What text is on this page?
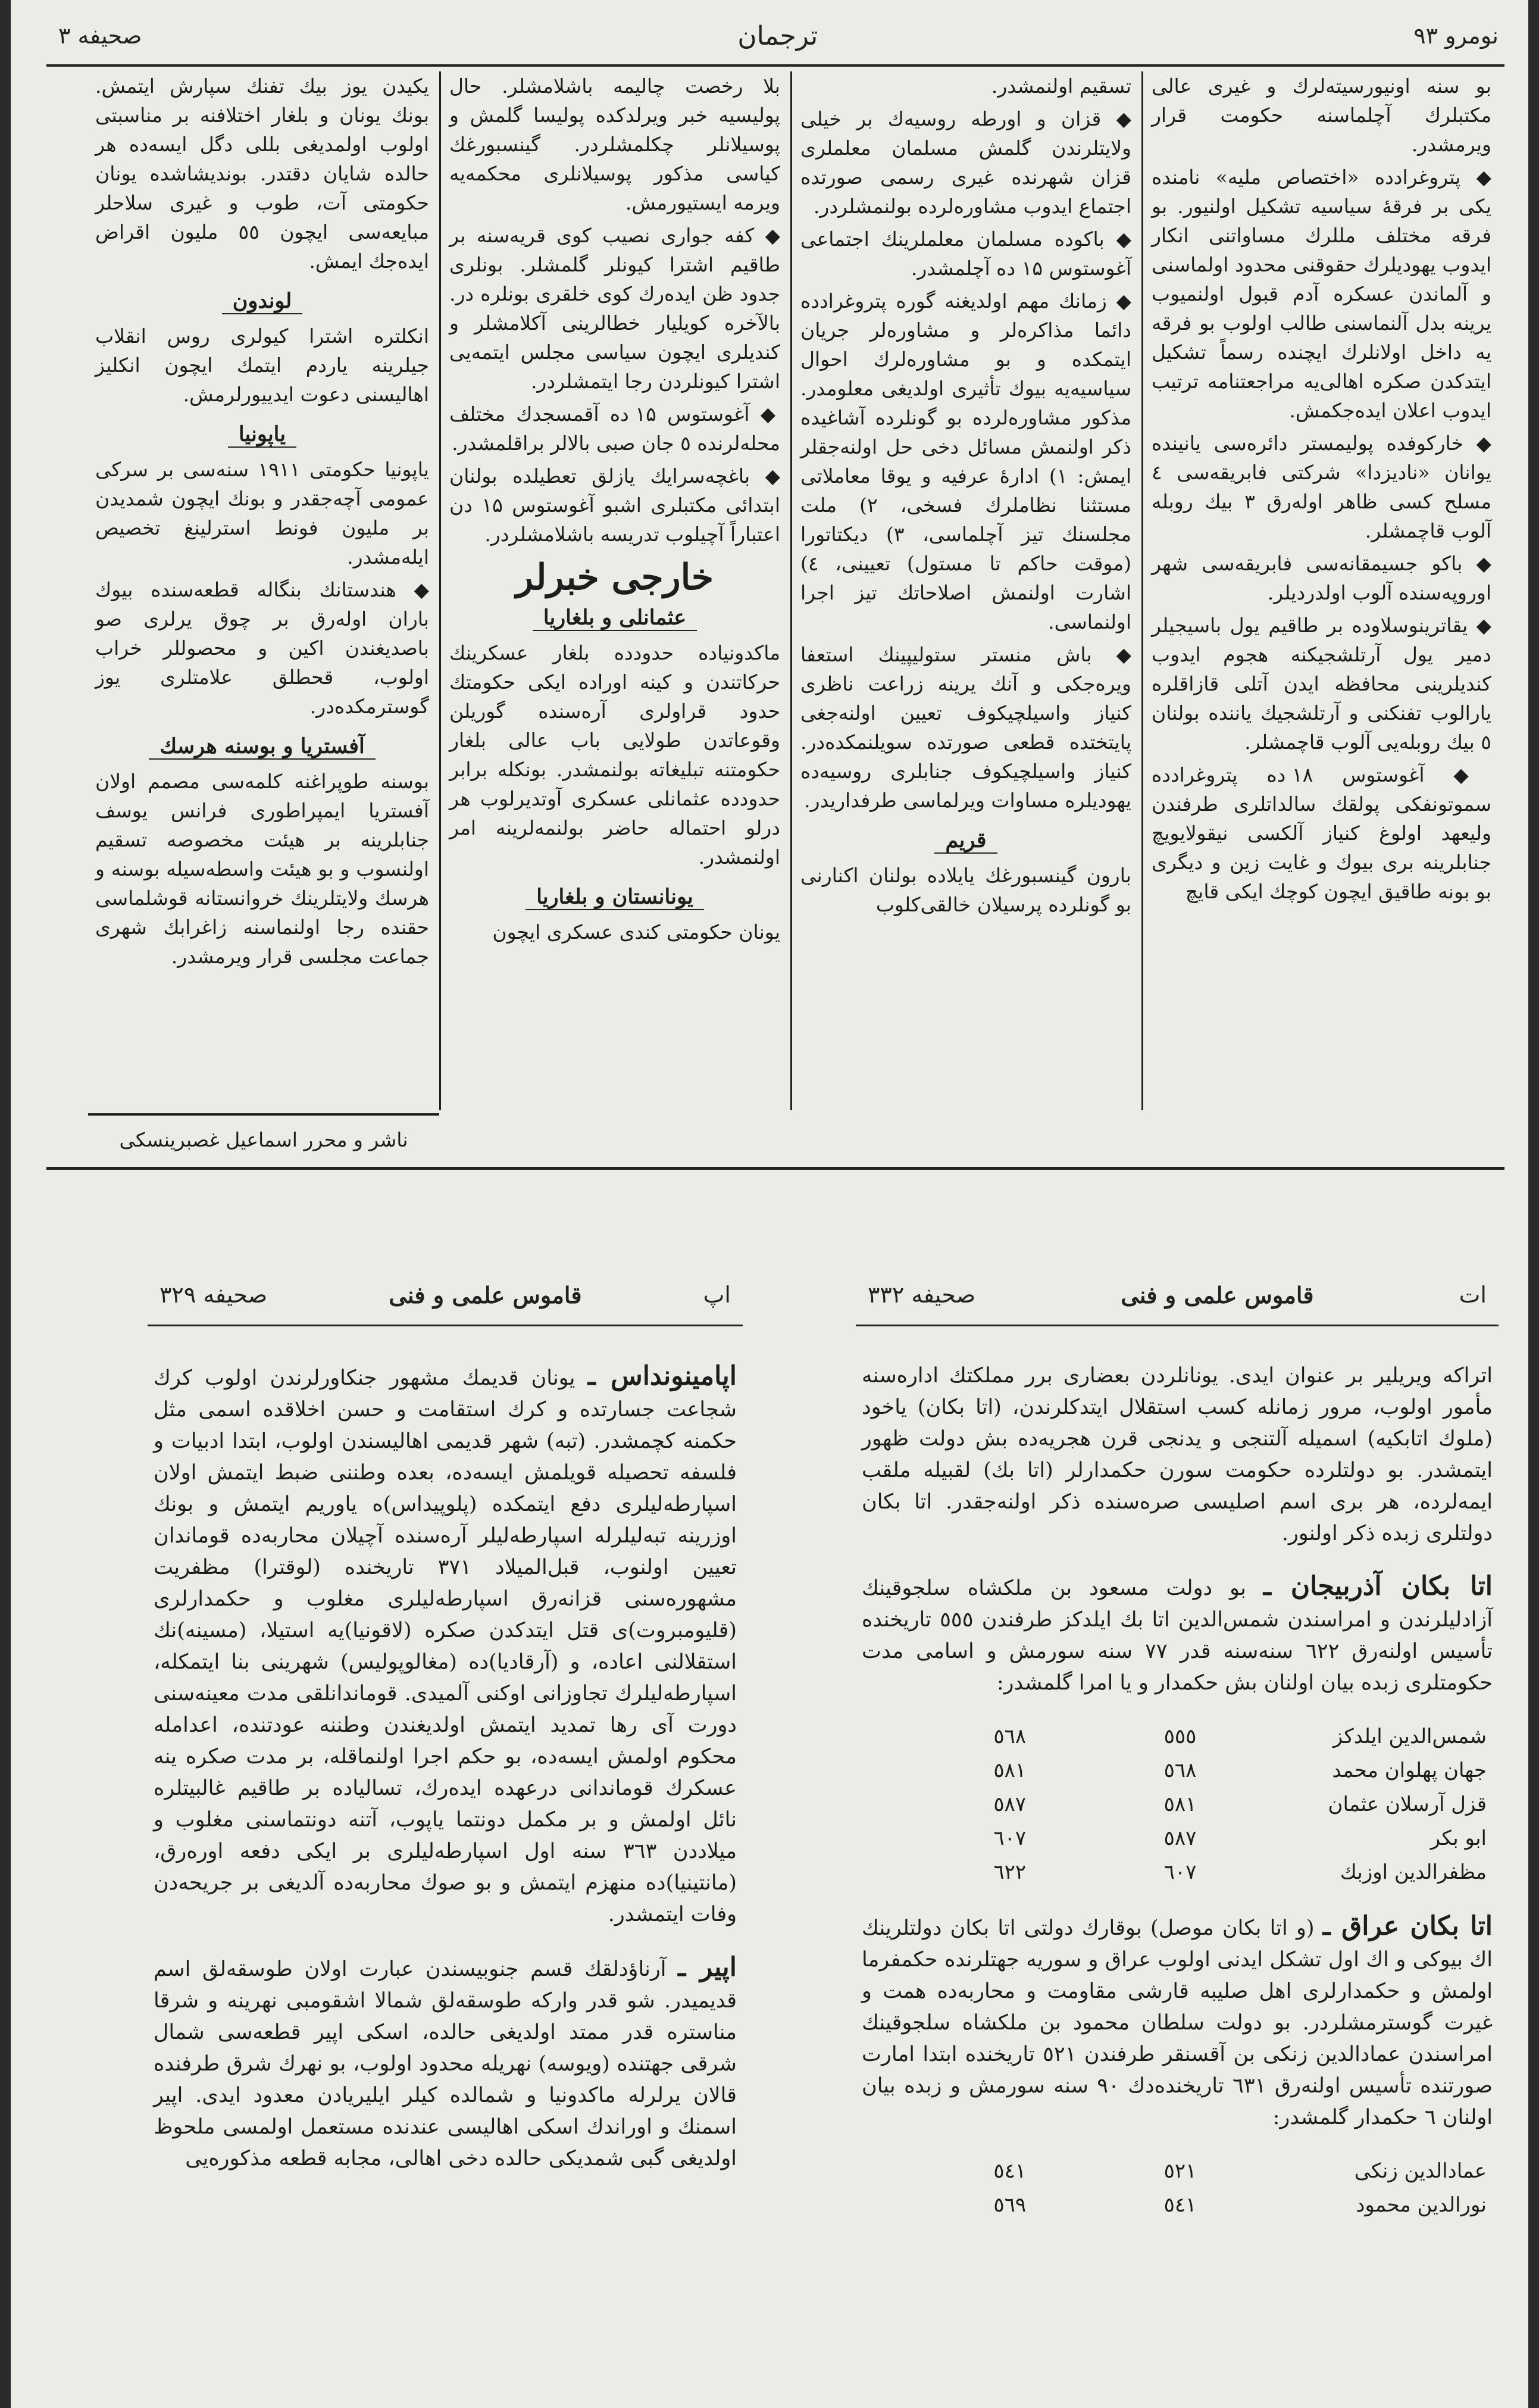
صحیفه ۳	ترجمان	نومرو ۹۳

بو سنه اونیورسیته‌لرك و غیری عالی مكتبلرك آچلماسنه حكومت قرار ویرمشدر.

◆ پتروغرادده «اختصاص ملیه» نامنده یكی بر فرقهٔ سیاسیه تشكیل اولنیور. بو فرقه مختلف مللرك مساواتنی انكار ایدوب یهودیلرك حقوقنی محدود اولماسنی و آلماندن عسكره آدم قبول اولنمیوب یرینه بدل آلنماسنی طالب اولوب بو فرقه یه داخل اولانلرك ایچنده رسماً تشكیل ایتدكدن صكره اهالی‌یه مراجعتنامه ترتیب ایدوب اعلان ایده‌جكمش.

◆ خاركوفده پولیمستر دائره‌سی یانینده یوانان «نادیزدا» شركتی فابریقه‌سی ٤ مسلح كسی ظاهر اوله‌رق ۳ بیك روبله آلوب قاچمشلر.

◆ باكو جسیمقانه‌سی فابریقه‌سی شهر اوروپه‌سنده آلوب اولدردیلر.

◆ یقاترینوسلاوده بر طاقیم یول باسیجیلر دمیر یول آرتلشجیكنه هجوم ایدوب كندیلرینی محافظه ایدن آتلی قازاقلره یارالوب تفنكنی و آرتلشجیك یاننده بولنان ٥ بیك روبله‌یی آلوب قاچمشلر.

◆ آغوستوس ۱۸ ده پتروغرادده سموتونفكی پولقك سالداتلری طرفندن ولیعهد اولوغ كنیاز آلكسی نیقولایویچ جنابلرینه بری بیوك و غایت زین و دیگری بو بونه طاقیق ایچون كوچك ایكی قایچ

تسقیم اولنمشدر.

◆ قزان و اورطه روسیه‌ك بر خیلی ولایتلرندن گلمش مسلمان معلملری قزان شهرنده غیری رسمی صورتده اجتماع ایدوب مشاوره‌لرده بولنمشلردر.

◆ باكوده مسلمان معلملرینك اجتماعی آغوستوس ۱۵ ده آچلمشدر.

◆ زمانك مهم اولدیغنه گوره پتروغرادده دائما مذاكره‌لر و مشاوره‌لر جریان ایتمكده و بو مشاوره‌لرك احوال سیاسیه‌یه بیوك تأثیری اولدیغی معلومدر. مذكور مشاوره‌لرده بو گونلرده آشاغیده ذكر اولنمش مسائل دخی حل اولنه‌جقلر ایمش: ۱) ادارهٔ عرفیه و یوقا معاملاتی مستثنا نظاملرك فسخی، ۲) ملت مجلسنك تیز آچلماسی، ۳) دیكتاتورا (موقت حاكم تا مستول) تعیینی، ٤) اشارت اولنمش اصلاحاتك تیز اجرا اولنماسی.

◆ باش منستر ستولیپینك استعفا ویره‌جكی و آنك یرینه زراعت ناظری كنیاز واسیلچیكوف تعیین اولنه‌جغی پایتختده قطعی صورتده سویلنمكده‌در. كنیاز واسیلچیكوف جنابلری روسیه‌ده یهودیلره مساوات ویرلماسی طرفداریدر.

قریم

بارون گینسبورغك یایلاده بولنان اكنارنی بو گونلرده پرسیلان خالقی‌كلوب

بلا رخصت چالیمه باشلامشلر. حال پولیسیه خبر ویرلدكده پولیسا گلمش و پوسیلانلر چكلمشلردر. گینسبورغك كیاسی مذكور پوسیلانلری محكمه‌یه ویرمه ایستیورمش.

◆ كفه جواری نصیب كوی قریه‌سنه بر طاقیم اشترا كیونلر گلمشلر. بونلری جدود ظن ایده‌رك كوی خلقری بونلره در. بالآخره كویلیار خطالرینی آكلامشلر و كندیلری ایچون سیاسی مجلس ایتمه‌یی اشترا كیونلردن رجا ایتمشلردر.

◆ آغوستوس ۱۵ ده آقمسجدك مختلف محله‌لرنده ٥ جان صبی بالالر براقلمشدر.

◆ باغچه‌سرایك یازلق تعطیلده بولنان ابتدائی مكتبلری اشبو آغوستوس ۱۵ دن اعتباراً آچیلوب تدریسه باشلامشلردر.

خارجی خبرلر
عثمانلی و بلغاریا

ماكدونیاده حدودده بلغار عسكرینك حركاتندن و كینه اوراده ایكی حكومتك حدود قراولری آره‌سنده گوریلن وقوعاتدن طولایی باب عالی بلغار حكومتنه تبلیغاته بولنمشدر. بونكله برابر حدودده عثمانلی عسكری آوتدیرلوب هر درلو احتماله حاضر بولنمه‌لرینه امر اولنمشدر.

یونانستان و بلغاریا

یونان حكومتی كندی عسكری ایچون

یكیدن یوز بیك تفنك سپارش ایتمش. بونك یونان و بلغار اختلافنه بر مناسبتی اولوب اولمدیغی بللی دگل ایسه‌ده هر حالده شایان دقتدر. بوندیشاشده یونان حكومتی آت، طوب و غیری سلاحلر مبایعه‌سی ایچون ٥٥ ملیون اقراض ایده‌جك ایمش.

لوندون

انكلتره اشترا كیولری روس انقلاب جیلرینه یاردم ایتمك ایچون انكلیز اهالیسنی دعوت ایدییورلرمش.

یاپونیا

یاپونیا حكومتی ۱۹۱۱ سنه‌سی بر سركی عمومی آچه‌جقدر و بونك ایچون شمدیدن بر ملیون فونط استرلینغ تخصیص ایله‌مشدر.

◆ هندستانك بنگاله قطعه‌سنده بیوك باران اوله‌رق بر چوق یرلری صو باصدیغندن اكین و محصوللر خراب اولوب، قحطلق علامتلری یوز گوسترمكده‌در.

آفستریا و بوسنه هرسك

بوسنه طوپراغنه كلمه‌سی مصمم اولان آفستریا ایمپراطوری فرانس یوسف جنابلرینه بر هیئت مخصوصه تسقیم اولنسوب و بو هیئت واسطه‌سیله بوسنه و هرسك ولایتلرینك خروانستانه قوشلماسی حقنده رجا اولنماسنه زاغرابك شهری جماعت مجلسی قرار ویرمشدر.

ناشر و محرر اسماعیل غصبرینسكی
ات
قاموس علمی و فنی
صحیفه ۳۳۲
اپ
قاموس علمی و فنی
صحیفه ۳۲۹

اتراكه ویریلیر بر عنوان ایدی. یونانلردن بعضاری برر مملكتك اداره‌سنه مأمور اولوب، مرور زمانله كسب استقلال ایتدكلرندن، (اتا بكان) یاخود (ملوك اتابكیه) اسمیله آلتنجی و یدنجی قرن هجریه‌ده بش دولت ظهور ایتمشدر. بو دولتلرده حكومت سورن حكمدارلر (اتا بك) لقبیله ملقب ایمه‌لرده، هر بری اسم اصلیسی صره‌سنده ذكر اولنه‌جقدر. اتا بكان دولتلری زبده ذكر اولنور.

اتا بكان آذربیجان ـ بو دولت مسعود بن ملكشاه سلجوقینك آزادلیلرندن و امراسندن شمس‌الدین اتا بك ایلدكز طرفندن ٥٥٥ تاریخنده تأسیس اولنه‌رق ٦۲۲ سنه‌سنه قدر ۷۷ سنه سورمش و اسامی مدت حكومتلری زبده بیان اولنان بش حكمدار و یا امرا گلمشدر:

شمس‌الدین ایلدكز	٥٥٥	٥٦٨
جهان پهلوان محمد	٥٦٨	٥٨۱
قزل آرسلان عثمان	٥٨۱	٥٨۷
ابو بكر	٥٨۷	٦۰۷
مظفرالدین اوزبك	٦۰۷	٦۲۲

اتا بكان عراق ـ (و اتا بكان موصل) بوقارك دولتی اتا بكان دولتلرینك اك بیوكی و اك اول تشكل ایدنی اولوب عراق و سوریه جهتلرنده حكمفرما اولمش و حكمدارلری اهل صلیبه قارشی مقاومت و محاربه‌ده همت و غیرت گوسترمشلردر. بو دولت سلطان محمود بن ملكشاه سلجوقینك امراسندن عمادالدین زنكی بن آقسنقر طرفندن ٥۲۱ تاریخنده ابتدا امارت صورتنده تأسیس اولنه‌رق ٦۳۱ تاریخنده‌دك ۹۰ سنه سورمش و زبده بیان اولنان ٦ حكمدار گلمشدر:

عمادالدین زنكی	٥۲۱	٥٤۱
نورالدین محمود	٥٤۱	٥٦۹

اپامینونداس ـ یونان قدیمك مشهور جنكاورلرندن اولوب كرك شجاعت جسارتده و كرك استقامت و حسن اخلاقده اسمی مثل حكمنه كچمشدر. (تبه) شهر قدیمی اهالیسندن اولوب، ابتدا ادبیات و فلسفه تحصیله قویلمش ایسه‌ده، بعده وطننی ضبط ایتمش اولان اسپارطه‌لیلری دفع ایتمكده (پلوپیداس)ه یاوریم ایتمش و بونك اوزرینه تبه‌لیلرله اسپارطه‌لیلر آره‌سنده آچیلان محاربه‌ده قوماندان تعیین اولنوب، قبل‌المیلاد ۳۷۱ تاریخنده (لوقترا) مظفریت مشهوره‌سنی قزانه‌رق اسپارطه‌لیلری مغلوب و حكمدارلری (قلیومبروت)ی قتل ایتدكدن صكره (لاقونیا)یه استیلا، (مسینه)نك استقلالنی اعاده، و (آرقادیا)ده (مغالوپولیس) شهرینی بنا ایتمكله، اسپارطه‌لیلرك تجاوزانی اوكنی آلمیدی. قوماندانلقی مدت معینه‌سنی دورت آی رها تمدید ایتمش اولدیغندن وطننه عودتنده، اعدامله محكوم اولمش ایسه‌ده، بو حكم اجرا اولنماقله، بر مدت صكره ینه عسكرك قوماندانی درعهده ایده‌رك، تسالیاده بر طاقیم غالبیتلره نائل اولمش و بر مكمل دونتما یاپوب، آتنه دونتماسنی مغلوب و میلاددن ۳٦۳ سنه اول اسپارطه‌لیلری بر ایكی دفعه اوره‌رق، (مانتینیا)ده منهزم ایتمش و بو صوك محاربه‌ده آلدیغی بر جریحه‌دن وفات ایتمشدر.

اپیر ـ آرناؤدلقك قسم جنوبیسندن عبارت اولان طوسقه‌لق اسم قدیمیدر. شو قدر واركه طوسقه‌لق شمالا اشقومبی نهرینه و شرقا مناستره قدر ممتد اولدیغی حالده، اسكی اپیر قطعه‌سی شمال شرقی جهتنده (ویوسه) نهریله محدود اولوب، بو نهرك شرق طرفنده قالان یرلرله ماكدونیا و شمالده كیلر ایلیریادن معدود ایدی. اپیر اسمنك و اوراندك اسكی اهالیسی عندنده مستعمل اولمسی ملحوظ اولدیغی گبی شمدیكی حالده دخی اهالی، مجابه قطعه مذكوره‌یی
